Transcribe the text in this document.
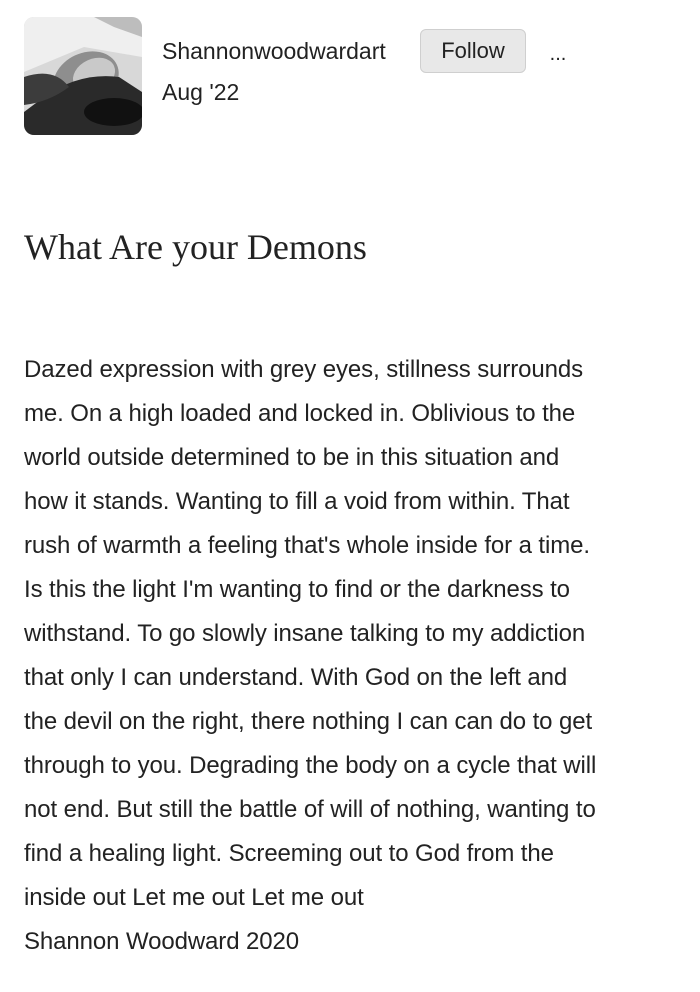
Shannonwoodwardart
Aug '22
Follow	...
What Are your Demons
Dazed expression with grey eyes, stillness surrounds
me. On a high loaded and locked in. Oblivious to the
world outside determined to be in this situation and
how it stands. Wanting to fill a void from within. That
rush of warmth a feeling that's whole inside for a time.
Is this the light I'm wanting to find or the darkness to
withstand. To go slowly insane talking to my addiction
that only I can understand. With God on the left and
the devil on the right, there nothing I can can do to get
through to you. Degrading the body on a cycle that will
not end. But still the battle of will of nothing, wanting to
find a healing light. Screeming out to God from the
inside out Let me out Let me out
Shannon Woodward 2020
